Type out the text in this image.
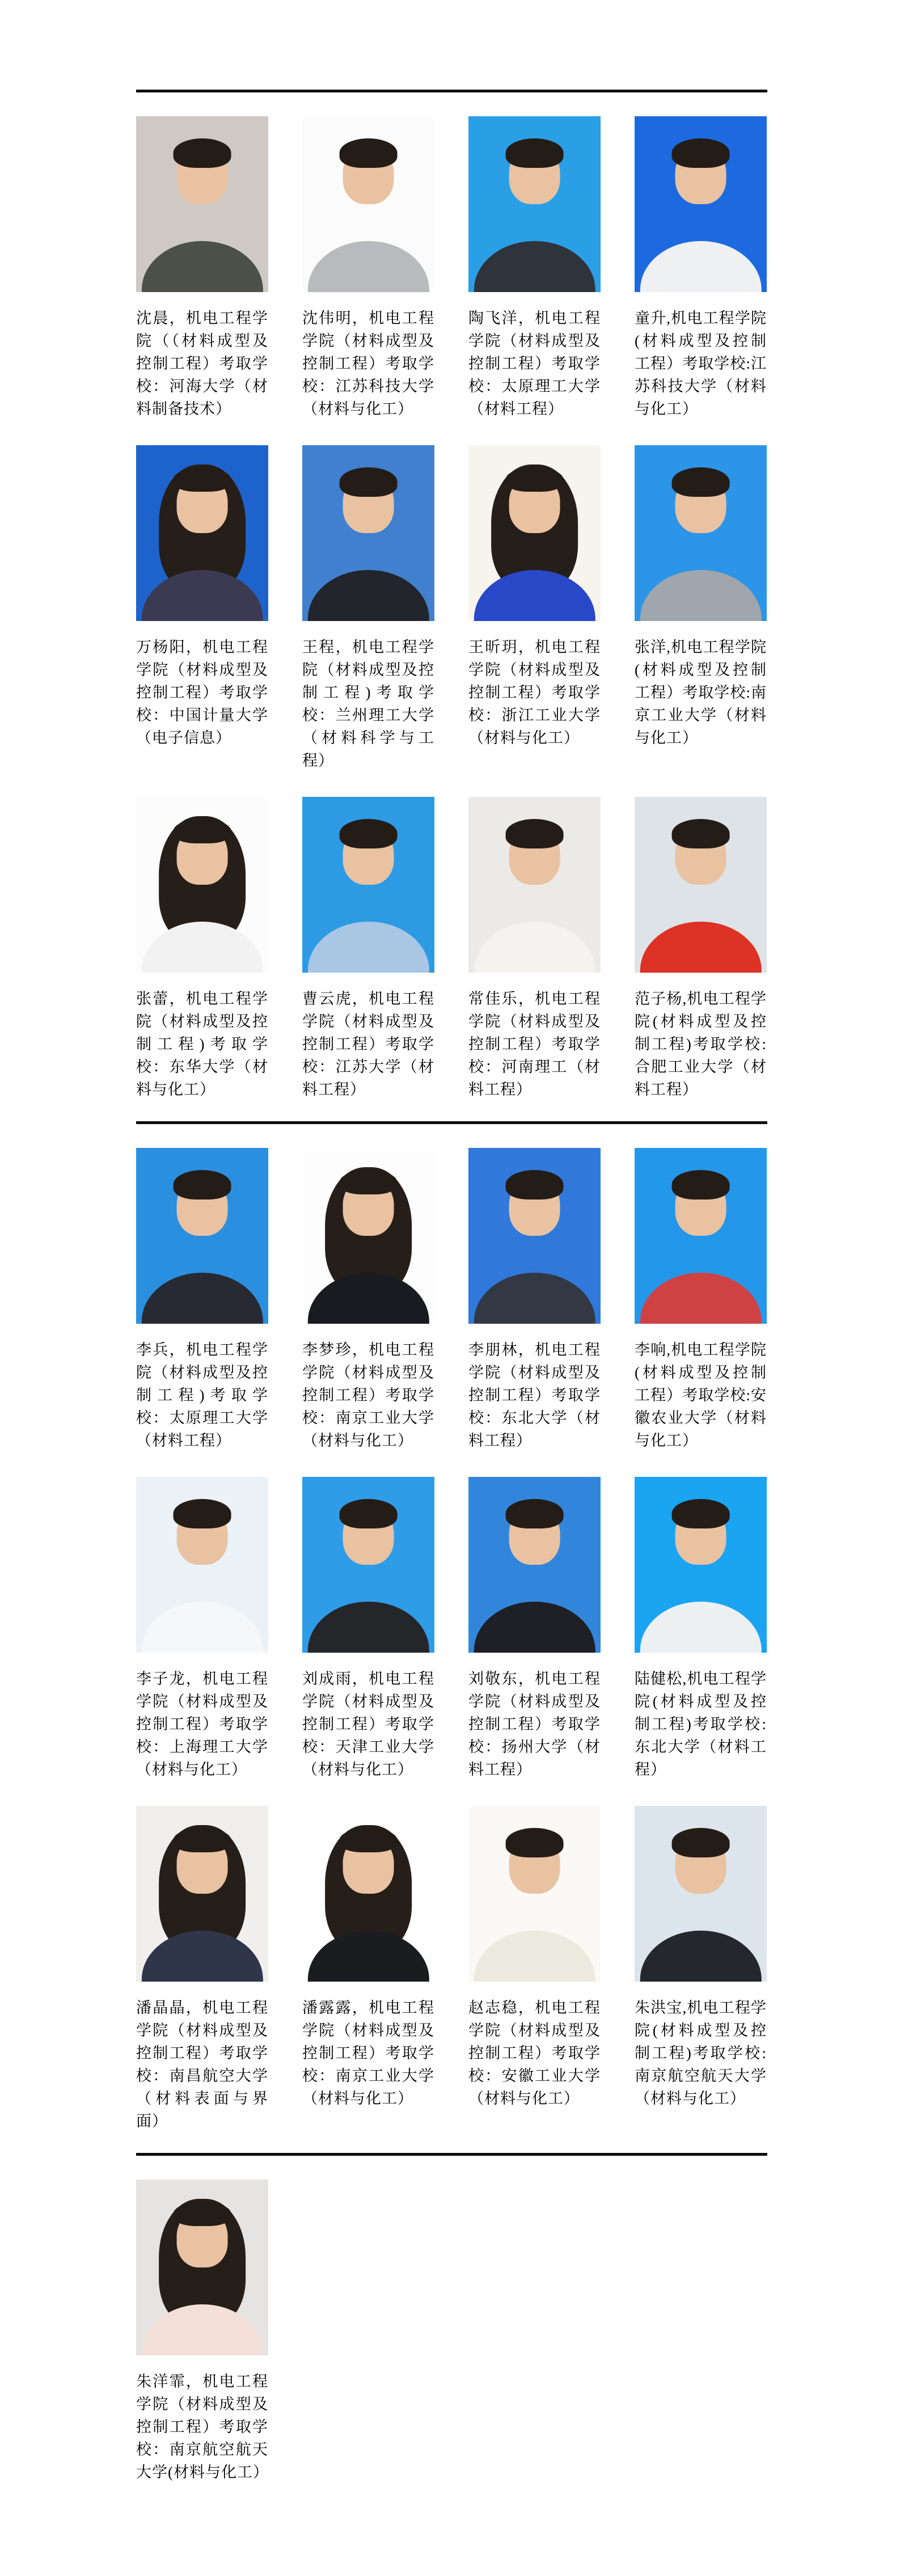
沈晨，机电工程学院（（材料成型及控制工程）考取学校：河海大学（材料制备技术）
沈伟明，机电工程学院（材料成型及控制工程）考取学校：江苏科技大学（材料与化工）
陶飞洋，机电工程学院（材料成型及控制工程）考取学校：太原理工大学（材料工程）
童升,机电工程学院(材料成型及控制工程）考取学校:江苏科技大学（材料与化工）
万杨阳，机电工程学院（材料成型及控制工程）考取学校：中国计量大学（电子信息）
王程，机电工程学院（材料成型及控制工程)考取学校：兰州理工大学（材料科学与工程）
王昕玥，机电工程学院（材料成型及控制工程）考取学校：浙江工业大学（材料与化工）
张洋,机电工程学院(材料成型及控制工程）考取学校:南京工业大学（材料与化工）
张蕾，机电工程学院（材料成型及控制工程)考取学校：东华大学（材料与化工）
曹云虎，机电工程学院（材料成型及控制工程）考取学校：江苏大学（材料工程）
常佳乐，机电工程学院（材料成型及控制工程）考取学校：河南理工（材料工程）
范子杨,机电工程学院(材料成型及控制工程)考取学校:合肥工业大学（材料工程）
李兵，机电工程学院（材料成型及控制工程)考取学校：太原理工大学（材料工程）
李梦珍，机电工程学院（材料成型及控制工程）考取学校：南京工业大学（材料与化工）
李朋林，机电工程学院（材料成型及控制工程）考取学校：东北大学（材料工程）
李响,机电工程学院(材料成型及控制工程）考取学校:安徽农业大学（材料与化工）
李子龙，机电工程学院（材料成型及控制工程）考取学校：上海理工大学（材料与化工）
刘成雨，机电工程学院（材料成型及控制工程）考取学校：天津工业大学（材料与化工）
刘敬东，机电工程学院（材料成型及控制工程）考取学校：扬州大学（材料工程）
陆健松,机电工程学院(材料成型及控制工程)考取学校:东北大学（材料工程）
潘晶晶，机电工程学院（材料成型及控制工程）考取学校：南昌航空大学（材料表面与界面）
潘露露，机电工程学院（材料成型及控制工程）考取学校：南京工业大学（材料与化工）
赵志稳，机电工程学院（材料成型及控制工程）考取学校：安徽工业大学（材料与化工）
朱洪宝,机电工程学院(材料成型及控制工程)考取学校:南京航空航天大学（材料与化工）
朱洋霏，机电工程学院（材料成型及控制工程）考取学校：南京航空航天大学(材料与化工）
